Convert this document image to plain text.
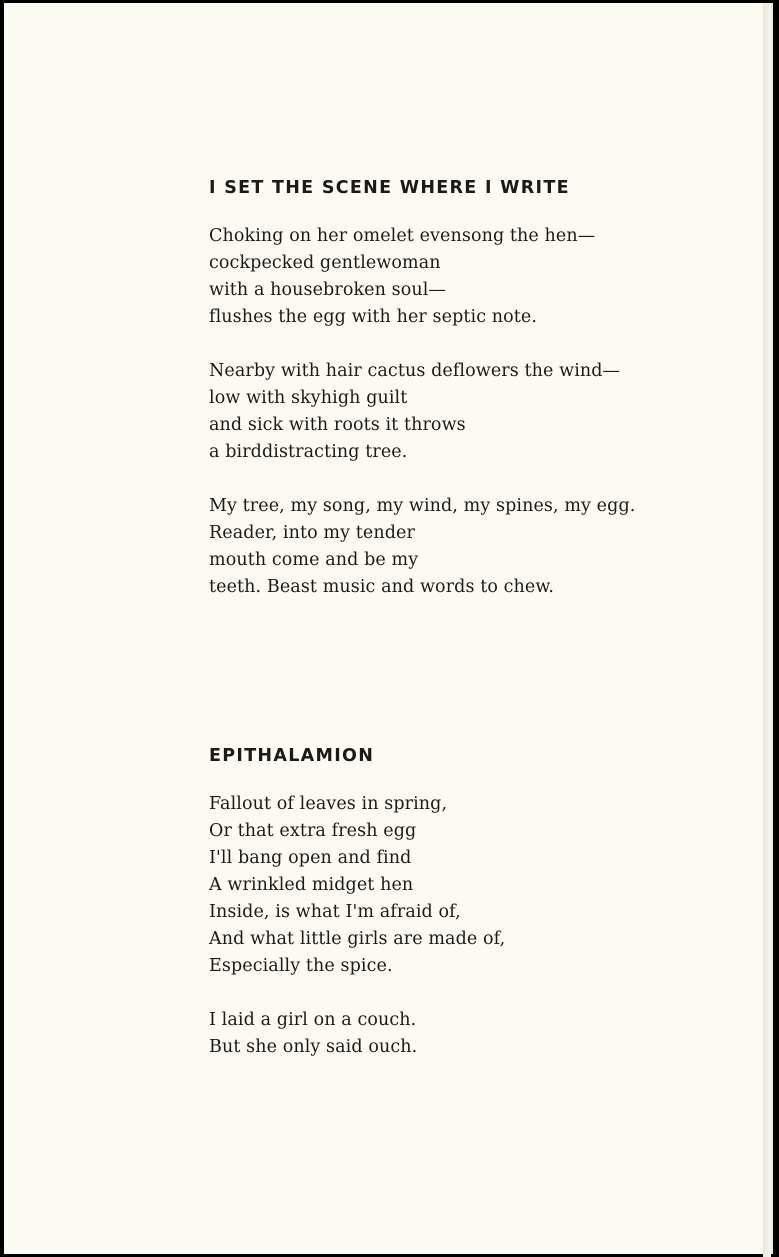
I SET THE SCENE WHERE I WRITE
Choking on her omelet evensong the hen—
cockpecked gentlewoman
with a housebroken soul—
flushes the egg with her septic note.
Nearby with hair cactus deflowers the wind—
low with skyhigh guilt
and sick with roots it throws
a birddistracting tree.
My tree, my song, my wind, my spines, my egg.
Reader, into my tender
mouth come and be my
teeth. Beast music and words to chew.
EPITHALAMION
Fallout of leaves in spring,
Or that extra fresh egg
I'll bang open and find
A wrinkled midget hen
Inside, is what I'm afraid of,
And what little girls are made of,
Especially the spice.
I laid a girl on a couch.
But she only said ouch.
